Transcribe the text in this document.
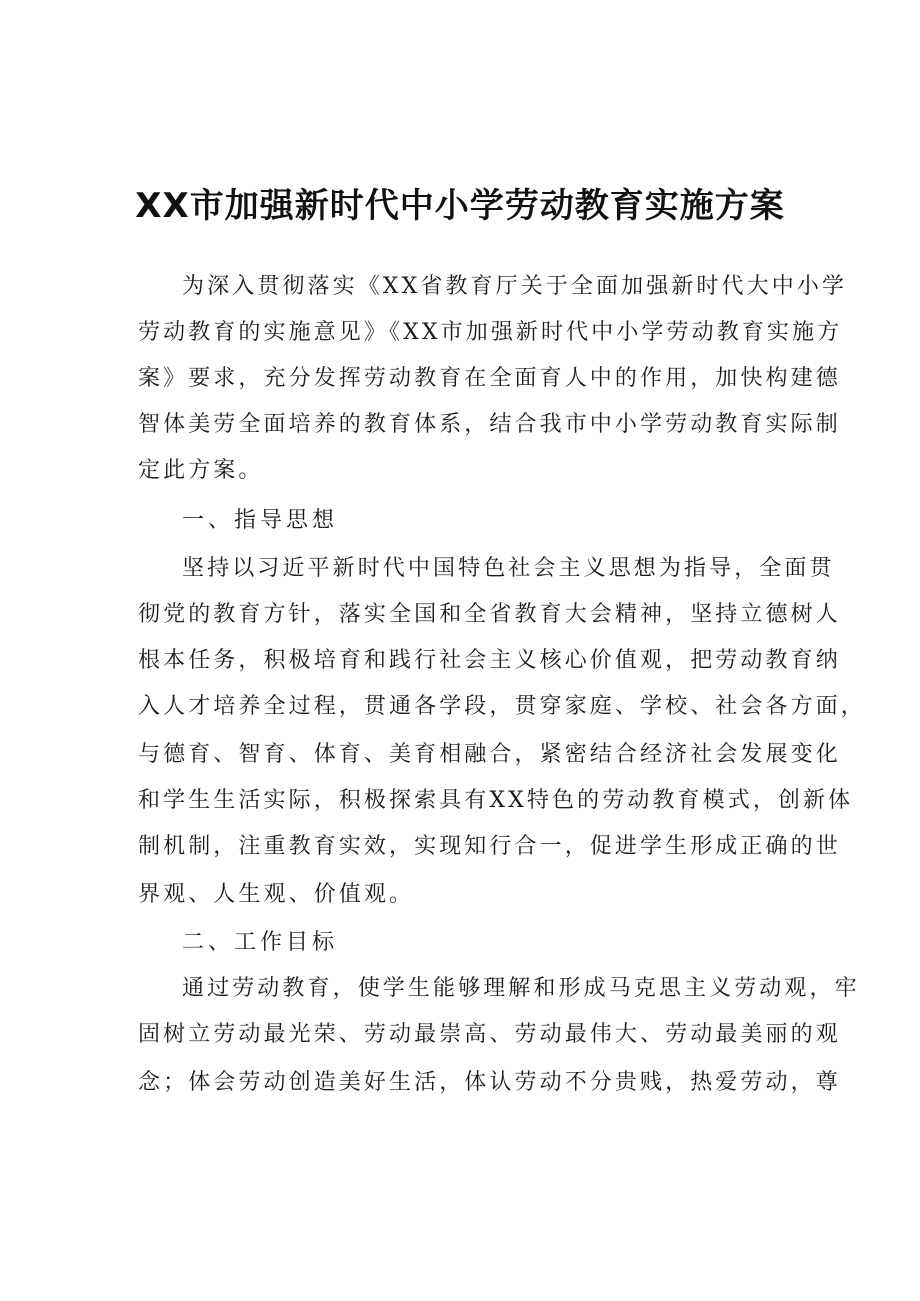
XX市加强新时代中小学劳动教育实施方案
为深入贯彻落实《XX省教育厅关于全面加强新时代大中小学
劳动教育的实施意见》《XX市加强新时代中小学劳动教育实施方
案》要求，充分发挥劳动教育在全面育人中的作用，加快构建德
智体美劳全面培养的教育体系，结合我市中小学劳动教育实际制
定此方案。
一、指导思想
坚持以习近平新时代中国特色社会主义思想为指导，全面贯
彻党的教育方针，落实全国和全省教育大会精神，坚持立德树人
根本任务，积极培育和践行社会主义核心价值观，把劳动教育纳
入人才培养全过程，贯通各学段，贯穿家庭、学校、社会各方面，
与德育、智育、体育、美育相融合，紧密结合经济社会发展变化
和学生生活实际，积极探索具有XX特色的劳动教育模式，创新体
制机制，注重教育实效，实现知行合一，促进学生形成正确的世
界观、人生观、价值观。
二、工作目标
通过劳动教育，使学生能够理解和形成马克思主义劳动观，牢
固树立劳动最光荣、劳动最崇高、劳动最伟大、劳动最美丽的观
念；体会劳动创造美好生活，体认劳动不分贵贱，热爱劳动，尊
